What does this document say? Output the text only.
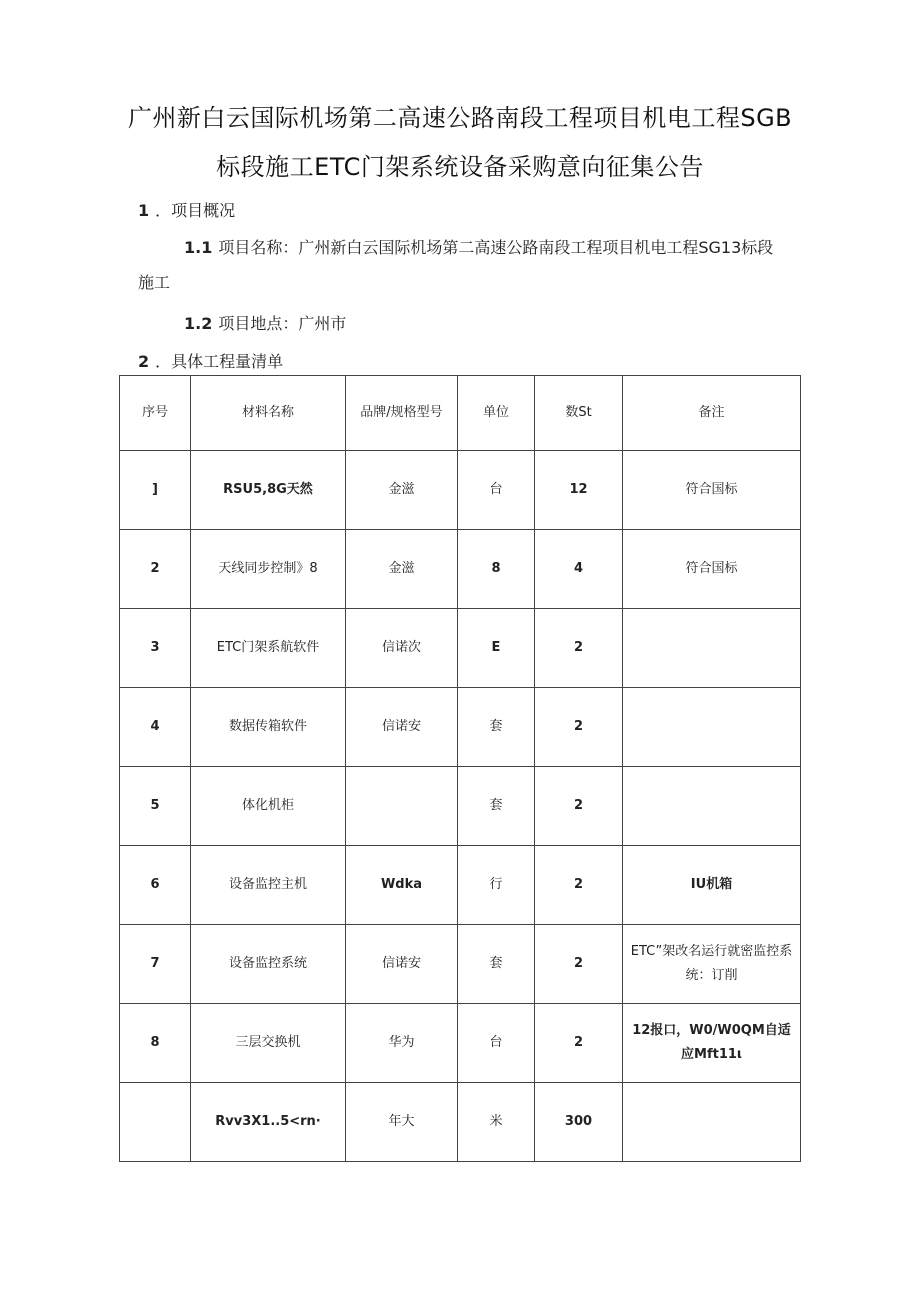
广州新白云国际机场第二高速公路南段工程项目机电工程SGB
标段施工ETC门架系统设备采购意向征集公告
1 ．项目概况
1.1 项目名称：广州新白云国际机场第二高速公路南段工程项目机电工程SG13标段
施工
1.2 项目地点：广州市
2 ．具体工程量清单
序号	材料名称	品牌/规格型号	单位	数St	备注
]	RSU5,8G天然	金滋	台	12	符合国标
2	天线同步控制》8	金滋	8	4	符合国标
3	ETC门架系航软件	信诺次	E	2	
4	数据传箱软件	信诺安	套	2	
5	体化机柜		套	2	
6	设备监控主机	Wdka	行	2	IU机箱
7	设备监控系统	信诺安	套	2	ETC”架改名运行就密监控系统：订削
8	三层交换机	华为	台	2	12报口，W0/W0QM自适应Mft11ι
	Rvv3X1..5<rn·	年大	米	300	
